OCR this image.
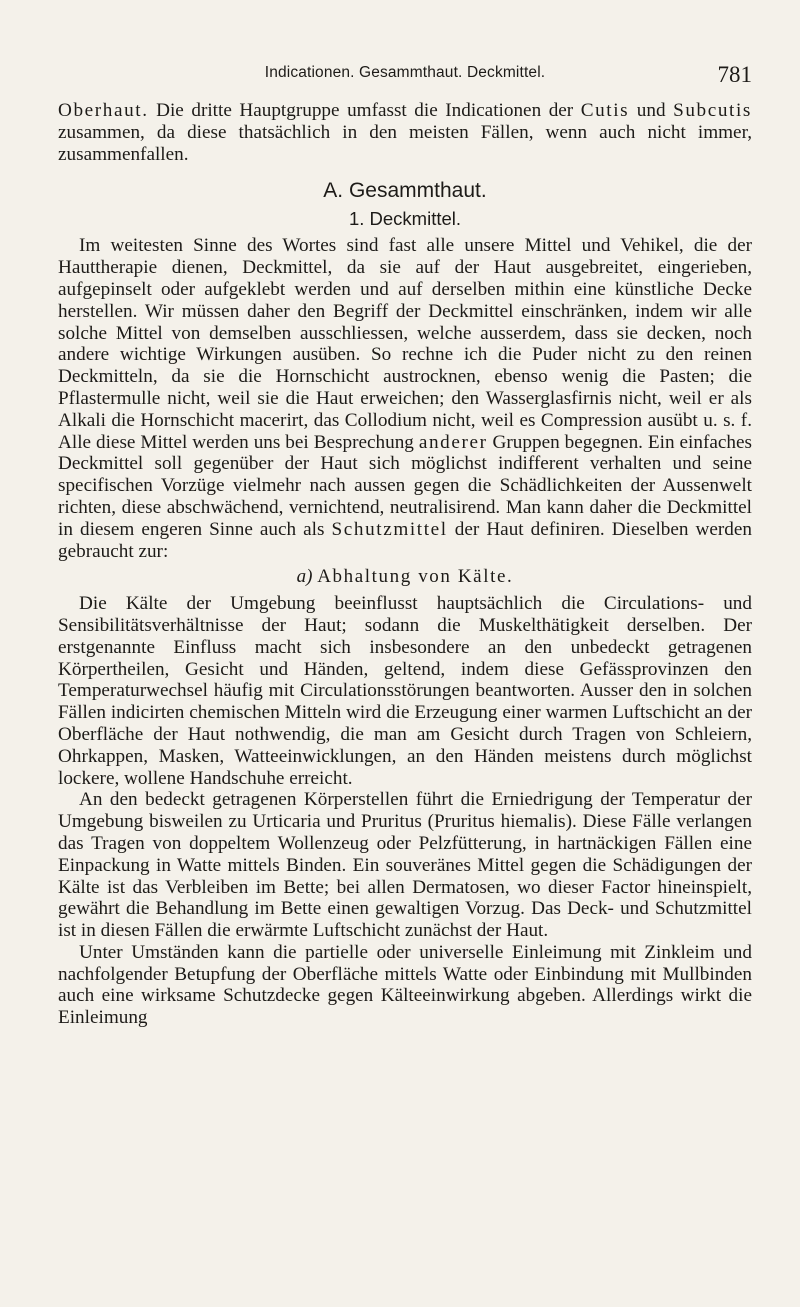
Indicationen. Gesammthaut. Deckmittel.	781

Oberhaut. Die dritte Hauptgruppe umfasst die Indicationen der Cutis und Subcutis zusammen, da diese thatsächlich in den meisten Fällen, wenn auch nicht immer, zusammenfallen.

A. Gesammthaut.
1. Deckmittel.

Im weitesten Sinne des Wortes sind fast alle unsere Mittel und Vehikel, die der Hauttherapie dienen, Deckmittel, da sie auf der Haut ausgebreitet, eingerieben, aufgepinselt oder aufgeklebt werden und auf derselben mithin eine künstliche Decke herstellen. Wir müssen daher den Begriff der Deckmittel einschränken, indem wir alle solche Mittel von demselben ausschliessen, welche ausserdem, dass sie decken, noch andere wichtige Wirkungen ausüben. So rechne ich die Puder nicht zu den reinen Deckmitteln, da sie die Hornschicht austrocknen, ebenso wenig die Pasten; die Pflastermulle nicht, weil sie die Haut erweichen; den Wasserglasfirnis nicht, weil er als Alkali die Hornschicht macerirt, das Collodium nicht, weil es Compression ausübt u. s. f. Alle diese Mittel werden uns bei Besprechung anderer Gruppen begegnen. Ein einfaches Deckmittel soll gegenüber der Haut sich möglichst indifferent verhalten und seine specifischen Vorzüge vielmehr nach aussen gegen die Schädlichkeiten der Aussenwelt richten, diese abschwächend, vernichtend, neutralisirend. Man kann daher die Deckmittel in diesem engeren Sinne auch als Schutzmittel der Haut definiren. Dieselben werden gebraucht zur:

a) Abhaltung von Kälte.

Die Kälte der Umgebung beeinflusst hauptsächlich die Circulations- und Sensibilitätsverhältnisse der Haut; sodann die Muskelthätigkeit derselben. Der erstgenannte Einfluss macht sich insbesondere an den unbedeckt getragenen Körpertheilen, Gesicht und Händen, geltend, indem diese Gefässprovinzen den Temperaturwechsel häufig mit Circulationsstörungen beantworten. Ausser den in solchen Fällen indicirten chemischen Mitteln wird die Erzeugung einer warmen Luftschicht an der Oberfläche der Haut nothwendig, die man am Gesicht durch Tragen von Schleiern, Ohrkappen, Masken, Watteeinwicklungen, an den Händen meistens durch möglichst lockere, wollene Handschuhe erreicht.

An den bedeckt getragenen Körperstellen führt die Erniedrigung der Temperatur der Umgebung bisweilen zu Urticaria und Pruritus (Pruritus hiemalis). Diese Fälle verlangen das Tragen von doppeltem Wollenzeug oder Pelzfütterung, in hartnäckigen Fällen eine Einpackung in Watte mittels Binden. Ein souveränes Mittel gegen die Schädigungen der Kälte ist das Verbleiben im Bette; bei allen Dermatosen, wo dieser Factor hineinspielt, gewährt die Behandlung im Bette einen gewaltigen Vorzug. Das Deck- und Schutzmittel ist in diesen Fällen die erwärmte Luftschicht zunächst der Haut.

Unter Umständen kann die partielle oder universelle Einleimung mit Zinkleim und nachfolgender Betupfung der Oberfläche mittels Watte oder Einbindung mit Mullbinden auch eine wirksame Schutzdecke gegen Kälteeinwirkung abgeben. Allerdings wirkt die Einleimung
